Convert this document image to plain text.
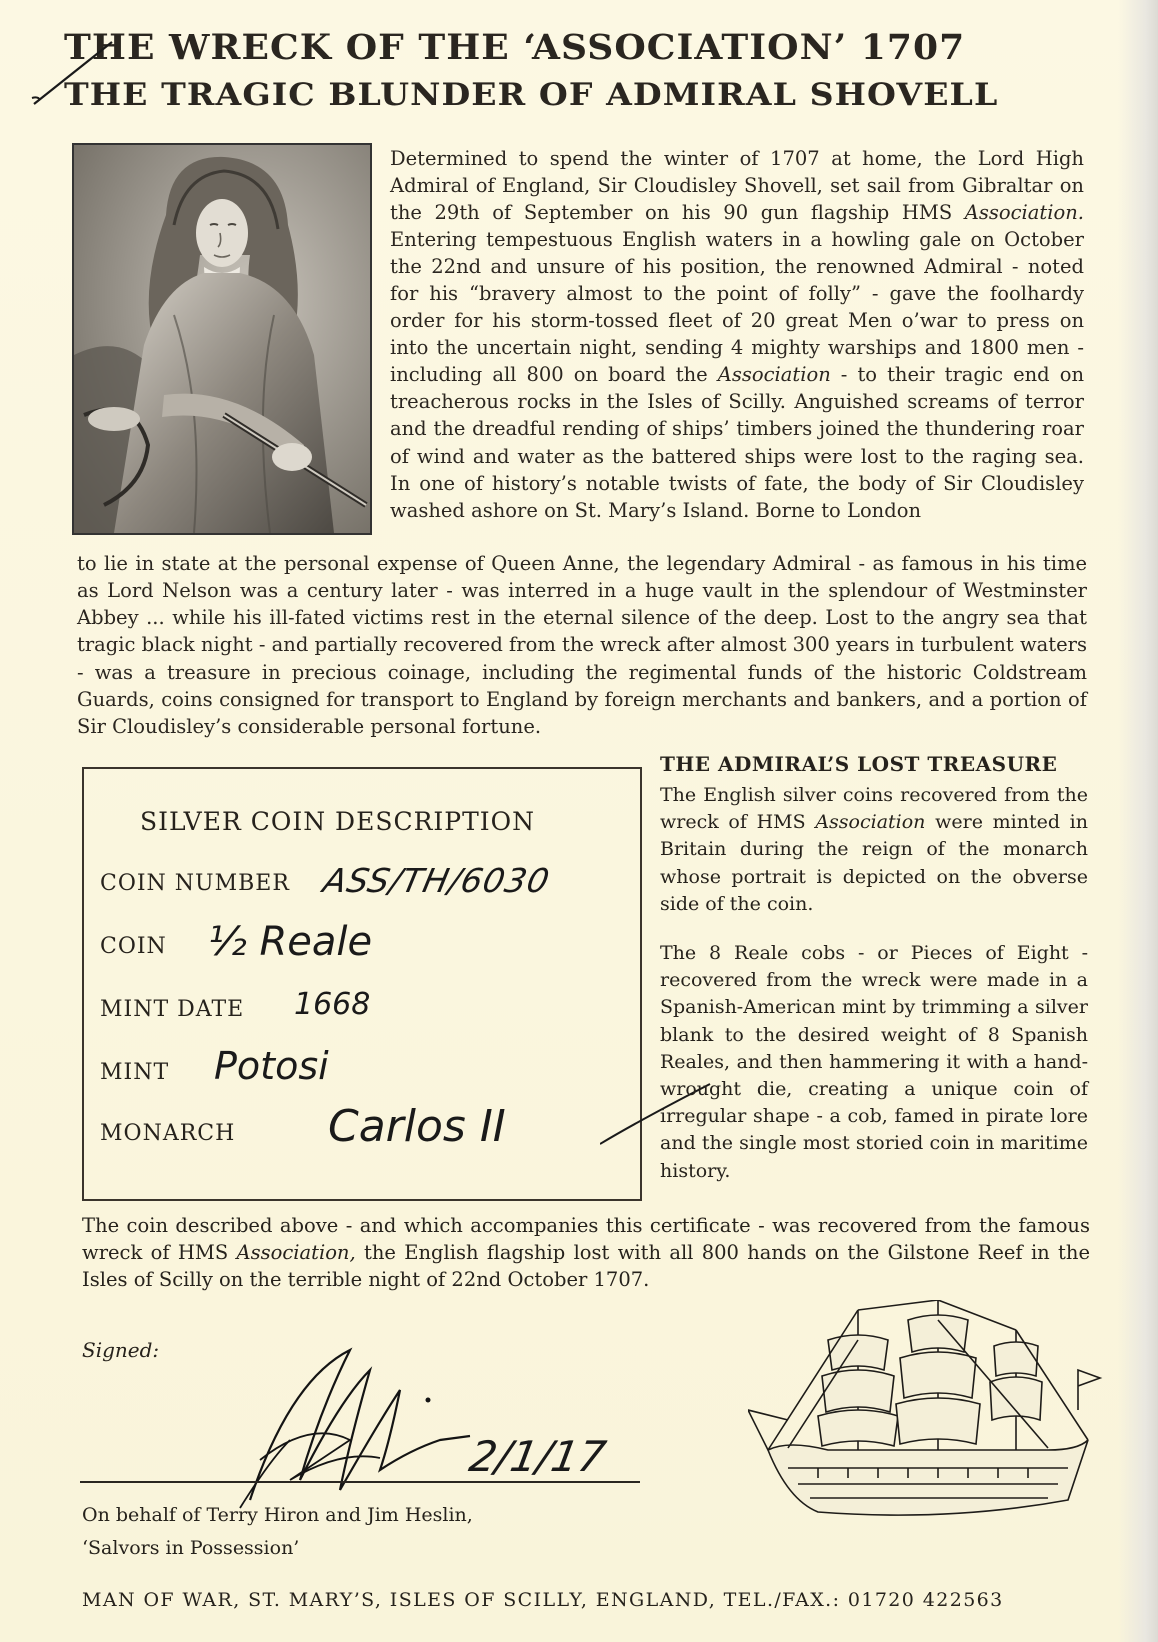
THE WRECK OF THE ‘ASSOCIATION’ 1707
THE TRAGIC BLUNDER OF ADMIRAL SHOVELL

Determined to spend the winter of 1707 at home, the Lord High Admiral of England, Sir Cloudisley Shovell, set sail from Gibraltar on the 29th of September on his 90 gun flagship HMS Association. Entering tempestuous English waters in a howling gale on October the 22nd and unsure of his position, the renowned Admiral - noted for his “bravery almost to the point of folly” - gave the foolhardy order for his storm-tossed fleet of 20 great Men o’war to press on into the uncertain night, sending 4 mighty warships and 1800 men - including all 800 on board the Association - to their tragic end on treacherous rocks in the Isles of Scilly. Anguished screams of terror and the dreadful rending of ships’ timbers joined the thundering roar of wind and water as the battered ships were lost to the raging sea. In one of history’s notable twists of fate, the body of Sir Cloudisley washed ashore on St. Mary’s Island. Borne to London

to lie in state at the personal expense of Queen Anne, the legendary Admiral - as famous in his time as Lord Nelson was a century later - was interred in a huge vault in the splendour of Westminster Abbey ... while his ill-fated victims rest in the eternal silence of the deep. Lost to the angry sea that tragic black night - and partially recovered from the wreck after almost 300 years in turbulent waters - was a treasure in precious coinage, including the regimental funds of the historic Coldstream Guards, coins consigned for transport to England by foreign merchants and bankers, and a portion of Sir Cloudisley’s considerable personal fortune.

SILVER COIN DESCRIPTION
COIN NUMBER ASS/TH/6030
COIN ½ Reale
MINT DATE 1668
MINT Potosi
MONARCH Carlos II
THE ADMIRAL’S LOST TREASURE

The English silver coins recovered from the wreck of HMS Association were minted in Britain during the reign of the monarch whose portrait is depicted on the obverse side of the coin.

The 8 Reale cobs - or Pieces of Eight - recovered from the wreck were made in a Spanish-American mint by trimming a silver blank to the desired weight of 8 Spanish Reales, and then hammering it with a hand-wrought die, creating a unique coin of irregular shape - a cob, famed in pirate lore and the single most storied coin in maritime history.

The coin described above - and which accompanies this certificate - was recovered from the famous wreck of HMS Association, the English flagship lost with all 800 hands on the Gilstone Reef in the Isles of Scilly on the terrible night of 22nd October 1707.

Signed:
2/1/17
On behalf of Terry Hiron and Jim Heslin,
‘Salvors in Possession’
MAN OF WAR, ST. MARY’S, ISLES OF SCILLY, ENGLAND, TEL./FAX.: 01720 422563
